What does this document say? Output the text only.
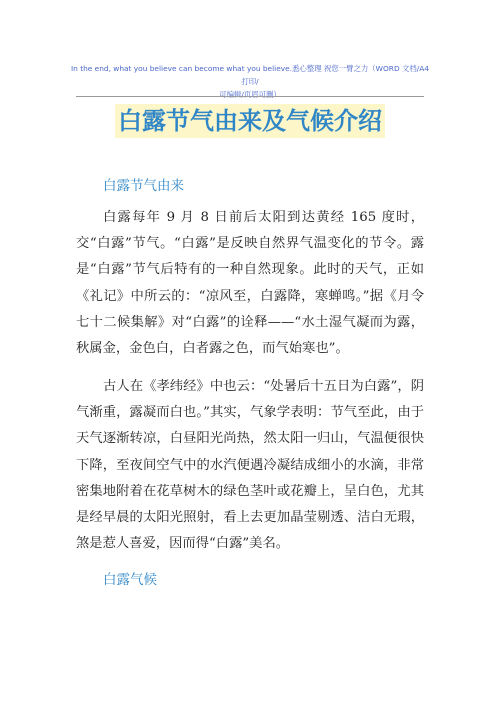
In the end, what you believe can become what you believe.悉心整理 祝您一臂之力（WORD 文档/A4 打印/
可编辑/页眉可删）
白露节气由来及气候介绍
白露节气由来

白露每年 9 月 8 日前后太阳到达黄经 165 度时，交“白露”节气。“白露”是反映自然界气温变化的节令。露是“白露”节气后特有的一种自然现象。此时的天气，正如《礼记》中所云的：“凉风至，白露降，寒蝉鸣。”据《月令七十二候集解》对“白露”的诠释——“水土湿气凝而为露，秋属金，金色白，白者露之色，而气始寒也”。

古人在《孝纬经》中也云：“处暑后十五日为白露”，阴气渐重，露凝而白也。”其实，气象学表明：节气至此，由于天气逐渐转凉，白昼阳光尚热，然太阳一归山，气温便很快下降，至夜间空气中的水汽便遇冷凝结成细小的水滴，非常密集地附着在花草树木的绿色茎叶或花瓣上，呈白色，尤其是经早晨的太阳光照射，看上去更加晶莹剔透、洁白无瑕，煞是惹人喜爱，因而得“白露”美名。

白露气候
